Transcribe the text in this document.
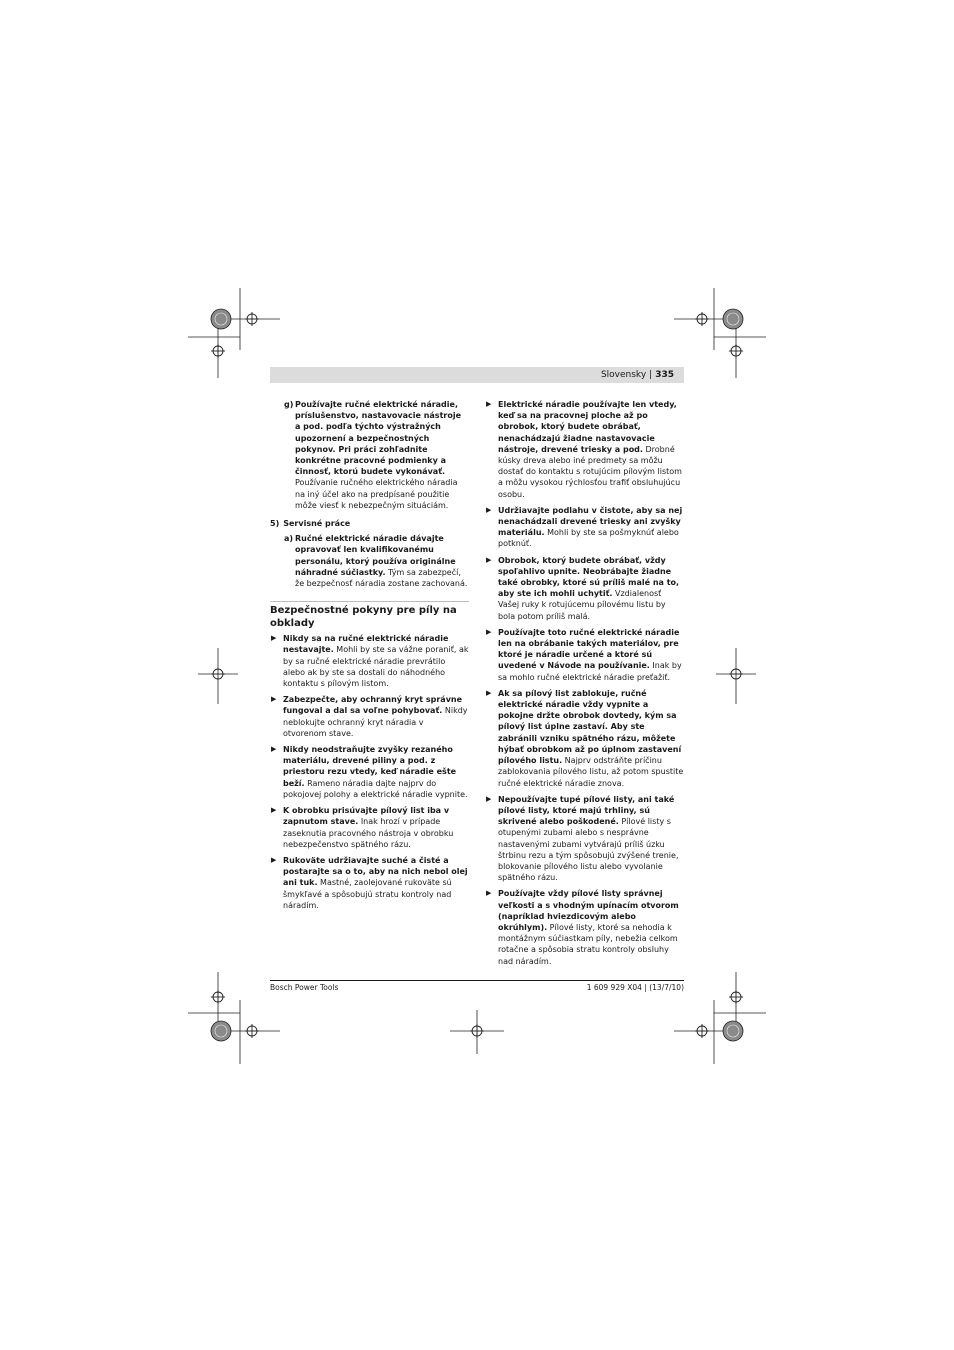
Slovensky | 335
g) Používajte ručné elektrické náradie, príslušenstvo, nastavovacie nástroje a pod. podľa týchto výstražných upozornení a bezpečnostných pokynov. Pri práci zohľadnite konkrétne pracovné podmienky a činnosť, ktorú budete vykonávať. Používanie ručného elektrického náradia na iný účel ako na predpísané použitie môže viesť k nebezpečným situáciám.
5) Servisné práce
a) Ručné elektrické náradie dávajte opravovať len kvalifikovanému personálu, ktorý používa originálne náhradné súčiastky. Tým sa zabezpečí, že bezpečnosť náradia zostane zachovaná.
Bezpečnostné pokyny pre píly na obklady
▶ Nikdy sa na ručné elektrické náradie nestavajte. Mohli by ste sa vážne poraniť, ak by sa ručné elektrické náradie prevrátilo alebo ak by ste sa dostali do náhodného kontaktu s pílovým listom.
▶ Zabezpečte, aby ochranný kryt správne fungoval a dal sa voľne pohybovať. Nikdy neblokujte ochranný kryt náradia v otvorenom stave.
▶ Nikdy neodstraňujte zvyšky rezaného materiálu, drevené piliny a pod. z priestoru rezu vtedy, keď náradie ešte beží. Rameno náradia dajte najprv do pokojovej polohy a elektrické náradie vypnite.
▶ K obrobku prisúvajte pílový list iba v zapnutom stave. Inak hrozí v prípade zaseknutia pracovného nástroja v obrobku nebezpečenstvo spätného rázu.
▶ Rukoväte udržiavajte suché a čisté a postarajte sa o to, aby na nich nebol olej ani tuk. Mastné, zaolejované rukoväte sú šmykľavé a spôsobujú stratu kontroly nad náradím.
▶ Elektrické náradie používajte len vtedy, keď sa na pracovnej ploche až po obrobok, ktorý budete obrábať, nenachádzajú žiadne nastavovacie nástroje, drevené triesky a pod. Drobné kúsky dreva alebo iné predmety sa môžu dostať do kontaktu s rotujúcim pílovým listom a môžu vysokou rýchlosťou trafiť obsluhujúcu osobu.
▶ Udržiavajte podlahu v čistote, aby sa nej nenachádzali drevené triesky ani zvyšky materiálu. Mohli by ste sa pošmyknúť alebo potknúť.
▶ Obrobok, ktorý budete obrábať, vždy spoľahlivo upnite. Neobrábajte žiadne také obrobky, ktoré sú príliš malé na to, aby ste ich mohli uchytiť. Vzdialenosť Vašej ruky k rotujúcemu pílovému listu by bola potom príliš malá.
▶ Používajte toto ručné elektrické náradie len na obrábanie takých materiálov, pre ktoré je náradie určené a ktoré sú uvedené v Návode na používanie. Inak by sa mohlo ručné elektrické náradie preťažiť.
▶ Ak sa pílový list zablokuje, ručné elektrické náradie vždy vypnite a pokojne držte obrobok dovtedy, kým sa pílový list úplne zastaví. Aby ste zabránili vzniku spätného rázu, môžete hýbať obrobkom až po úplnom zastavení pílového listu. Najprv odstráňte príčinu zablokovania pílového listu, až potom spustite ručné elektrické náradie znova.
▶ Nepoužívajte tupé pílové listy, ani také pílové listy, ktoré majú trhliny, sú skrivené alebo poškodené. Pílové listy s otupenými zubami alebo s nesprávne nastavenými zubami vytvárajú príliš úzku štrbinu rezu a tým spôsobujú zvýšené trenie, blokovanie pílového listu alebo vyvolanie spätného rázu.
▶ Používajte vždy pílové listy správnej veľkosti a s vhodným upínacím otvorom (napríklad hviezdicovým alebo okrúhlym). Pílové listy, ktoré sa nehodia k montážnym súčiastkam píly, nebežia celkom rotačne a spôsobia stratu kontroly obsluhy nad náradím.
Bosch Power Tools	1 609 929 X04 | (13/7/10)
